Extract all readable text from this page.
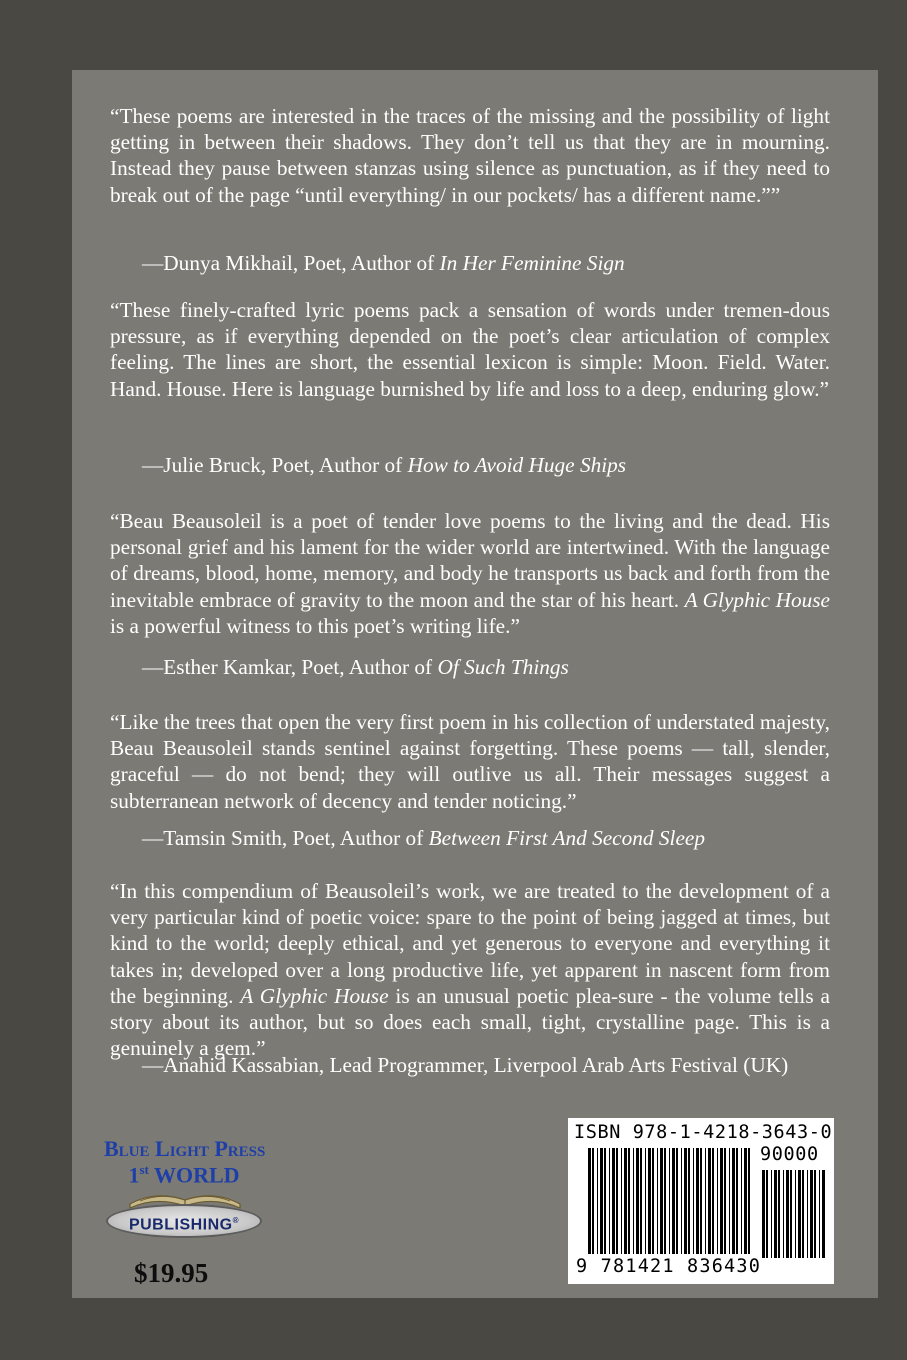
“These poems are interested in the traces of the missing and the possibility of light getting in between their shadows. They don’t tell us that they are in mourning. Instead they pause between stanzas using silence as punctuation, as if they need to break out of the page “until everything/ in our pockets/ has a different name.””

—Dunya Mikhail, Poet, Author of In Her Feminine Sign

“These finely-crafted lyric poems pack a sensation of words under tremen-dous pressure, as if everything depended on the poet’s clear articulation of complex feeling. The lines are short, the essential lexicon is simple: Moon. Field. Water. Hand. House. Here is language burnished by life and loss to a deep, enduring glow.”

—Julie Bruck, Poet, Author of How to Avoid Huge Ships

“Beau Beausoleil is a poet of tender love poems to the living and the dead. His personal grief and his lament for the wider world are intertwined. With the language of dreams, blood, home, memory, and body he transports us back and forth from the inevitable embrace of gravity to the moon and the star of his heart. A Glyphic House is a powerful witness to this poet’s writing life.”

—Esther Kamkar, Poet, Author of Of Such Things

“Like the trees that open the very first poem in his collection of understated majesty, Beau Beausoleil stands sentinel against forgetting. These poems — tall, slender, graceful — do not bend; they will outlive us all. Their messages suggest a subterranean network of decency and tender noticing.”

—Tamsin Smith, Poet, Author of Between First And Second Sleep

“In this compendium of Beausoleil’s work, we are treated to the development of a very particular kind of poetic voice: spare to the point of being jagged at times, but kind to the world; deeply ethical, and yet generous to everyone and everything it takes in; developed over a long productive life, yet apparent in nascent form from the beginning. A Glyphic House is an unusual poetic plea-sure - the volume tells a story about its author, but so does each small, tight, crystalline page. This is a genuinely a gem.”

—Anahid Kassabian, Lead Programmer, Liverpool Arab Arts Festival (UK)

Blue Light Press
1st WORLD
PUBLISHING®

$19.95

ISBN 978-1-4218-3643-0
90000
9 781421 836430
